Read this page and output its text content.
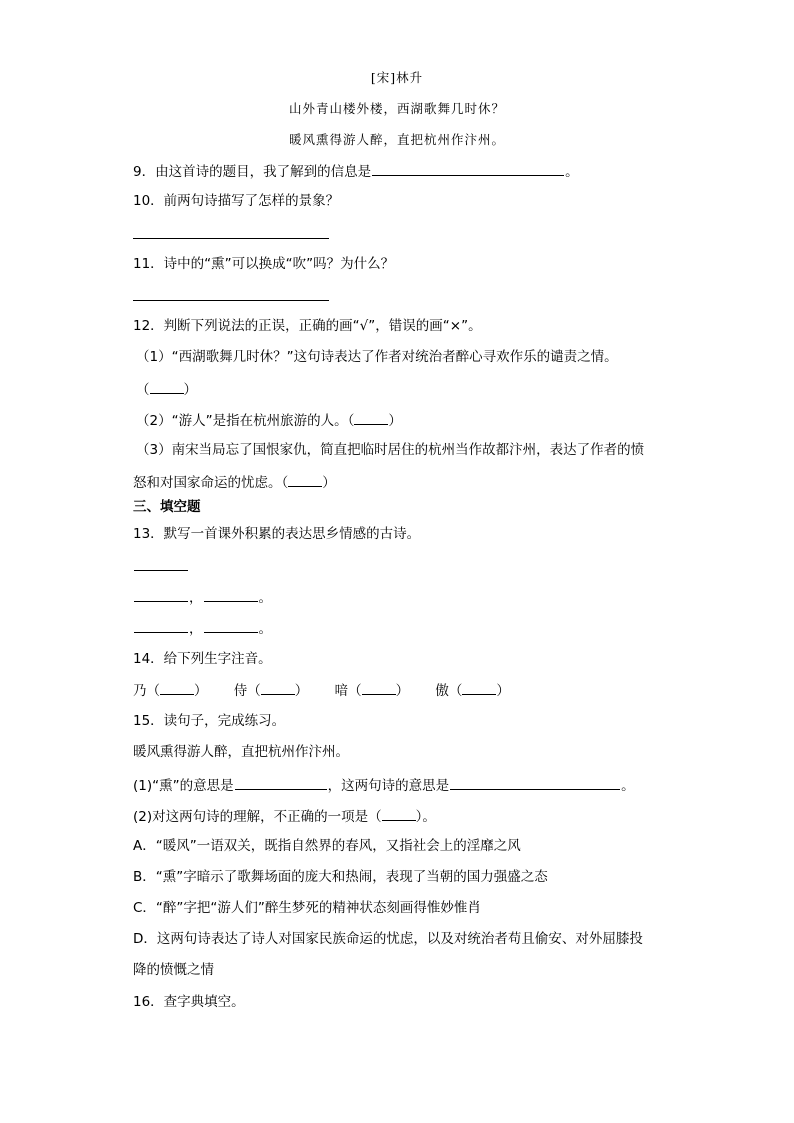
[宋]林升
山外青山楼外楼，西湖歌舞几时休？
暖风熏得游人醉，直把杭州作汴州。
9．由这首诗的题目，我了解到的信息是	。
10．前两句诗描写了怎样的景象？
11．诗中的“熏”可以换成“吹”吗？为什么？
12．判断下列说法的正误，正确的画“√”，错误的画“×”。
（1）“西湖歌舞几时休？”这句诗表达了作者对统治者醉心寻欢作乐的谴责之情。
（	）
（2）“游人”是指在杭州旅游的人。（	）
（3）南宋当局忘了国恨家仇，简直把临时居住的杭州当作故都汴州，表达了作者的愤
怒和对国家命运的忧虑。（	）
三、填空题
13．默写一首课外积累的表达思乡情感的古诗。
，	。
，	。
14．给下列生字注音。
乃（	） 侍（	） 喑（	） 傲（	）
15．读句子，完成练习。
暖风熏得游人醉，直把杭州作汴州。
(1)“熏”的意思是	，这两句诗的意思是	。
(2)对这两句诗的理解，不正确的一项是（	）。
A．“暖风”一语双关，既指自然界的春风，又指社会上的淫靡之风
B．“熏”字暗示了歌舞场面的庞大和热闹，表现了当朝的国力强盛之态
C．“醉”字把“游人们”醉生梦死的精神状态刻画得惟妙惟肖
D．这两句诗表达了诗人对国家民族命运的忧虑，以及对统治者苟且偷安、对外屈膝投
降的愤慨之情
16．查字典填空。
